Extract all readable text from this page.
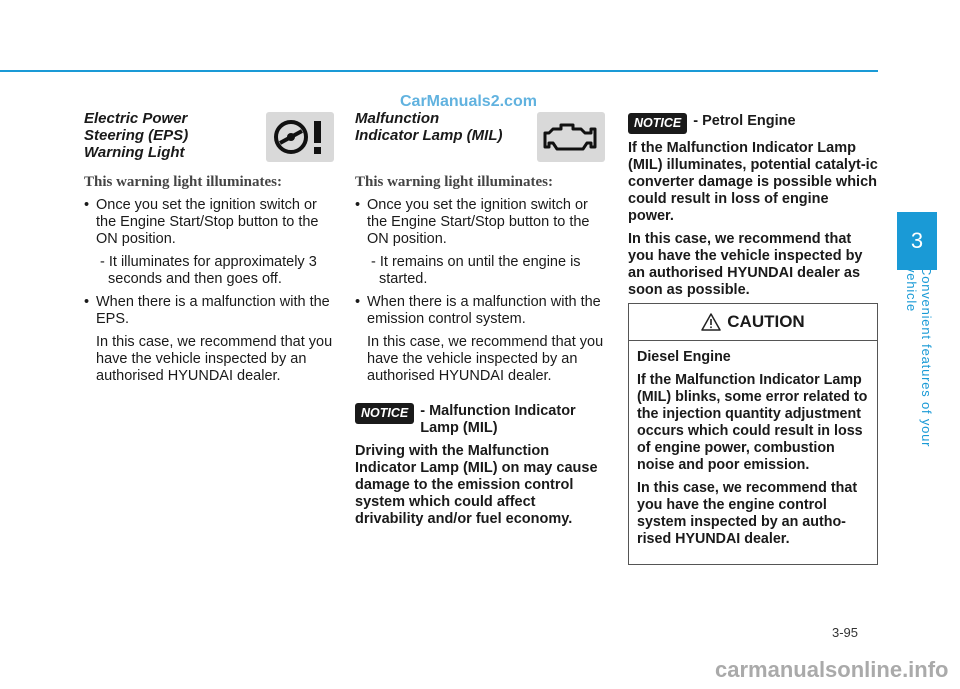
CarManuals2.com
3
Convenient features of your vehicle
Electric Power Steering (EPS) Warning Light
This warning light illuminates:
• Once you set the ignition switch or the Engine Start/Stop button to the ON position.
- It illuminates for approximately 3 seconds and then goes off.
• When there is a malfunction with the EPS.
In this case, we recommend that you have the vehicle inspected by an authorised HYUNDAI dealer.
Malfunction Indicator Lamp (MIL)
This warning light illuminates:
• Once you set the ignition switch or the Engine Start/Stop button to the ON position.
- It remains on until the engine is started.
• When there is a malfunction with the emission control system.
In this case, we recommend that you have the vehicle inspected by an authorised HYUNDAI dealer.
NOTICE - Malfunction Indicator Lamp (MIL)
Driving with the Malfunction Indicator Lamp (MIL) on may cause damage to the emission control system which could affect drivability and/or fuel economy.
NOTICE - Petrol Engine
If the Malfunction Indicator Lamp (MIL) illuminates, potential catalyt-ic converter damage is possible which could result in loss of engine power.
In this case, we recommend that you have the vehicle inspected by an authorised HYUNDAI dealer as soon as possible.
CAUTION

Diesel Engine

If the Malfunction Indicator Lamp (MIL) blinks, some error related to the injection quantity adjustment occurs which could result in loss of engine power, combustion noise and poor emission.

In this case, we recommend that you have the engine control system inspected by an autho-rised HYUNDAI dealer.

3-95
carmanualsonline.info
